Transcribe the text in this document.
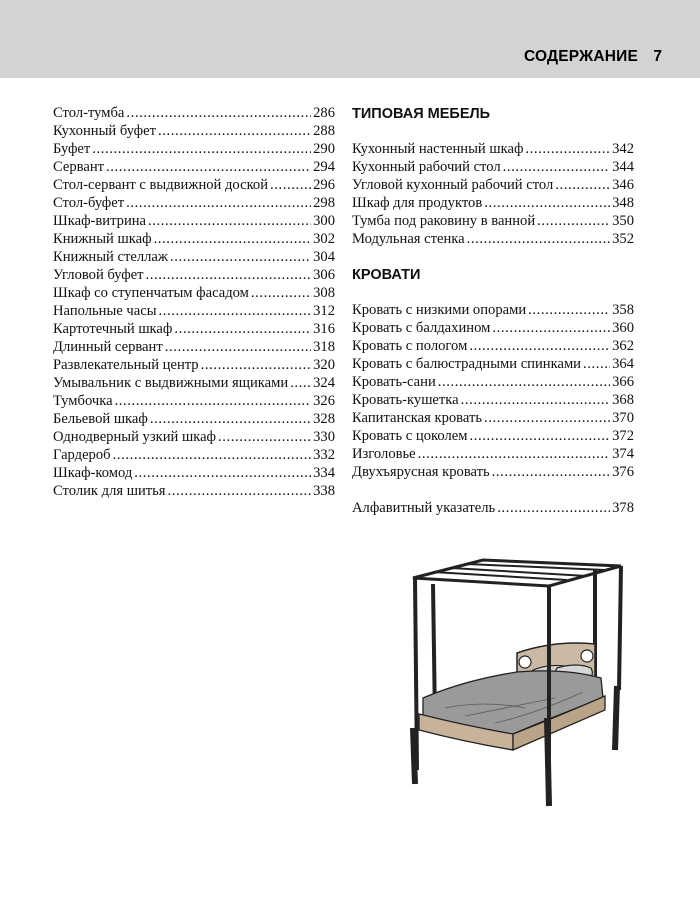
СОДЕРЖАНИЕ 7
Стол-тумба .....	286
Кухонный буфет .....	288
Буфет .....	290
Сервант .....	294
Стол-сервант с выдвижной доской .....	296
Стол-буфет .....	298
Шкаф-витрина .....	300
Книжный шкаф .....	302
Книжный стеллаж .....	304
Угловой буфет .....	306
Шкаф со ступенчатым фасадом .....	308
Напольные часы .....	312
Картотечный шкаф .....	316
Длинный сервант .....	318
Развлекательный центр .....	320
Умывальник с выдвижными ящиками ..... 324
Тумбочка .....	326
Бельевой шкаф .....	328
Однодверный узкий шкаф .....	330
Гардероб .....	332
Шкаф-комод .....	334
Столик для шитья .....	338
ТИПОВАЯ МЕБЕЛЬ
Кухонный настенный шкаф .....	342
Кухонный рабочий стол .....	344
Угловой кухонный рабочий стол .....	346
Шкаф для продуктов .....	348
Тумба под раковину в ванной .....	350
Модульная стенка .....	352
КРОВАТИ
Кровать с низкими опорами .....	358
Кровать с балдахином .....	360
Кровать с пологом .....	362
Кровать с балюстрадными спинками ..... 364
Кровать-сани .....	366
Кровать-кушетка .....	368
Капитанская кровать .....	370
Кровать с цоколем .....	372
Изголовье .....	374
Двухъярусная кровать .....	376
Алфавитный указатель .....	378
